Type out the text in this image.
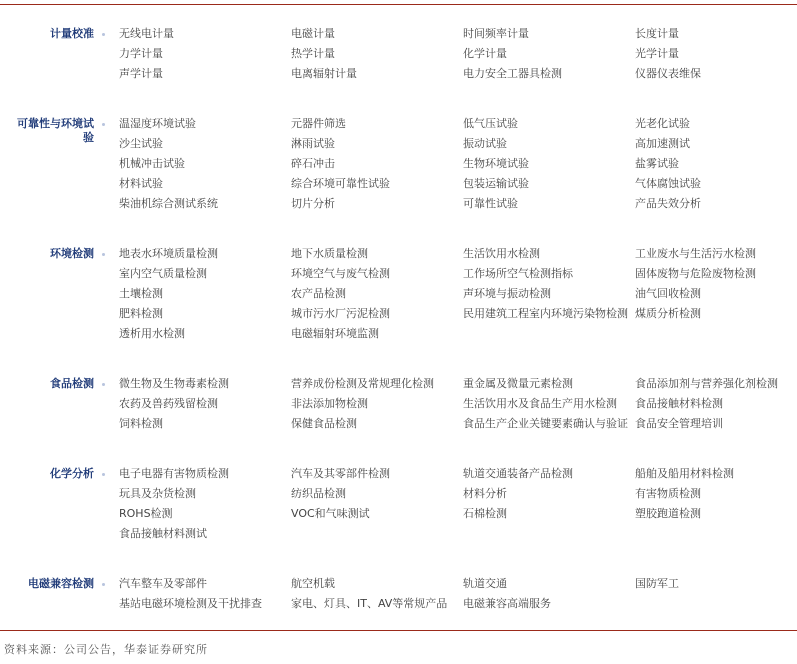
计量校准 无线电计量	电磁计量	时间频率计量	长度计量
力学计量	热学计量	化学计量	光学计量
声学计量	电离辐射计量	电力安全工器具检测	仪器仪表维保
可靠性与环境试验
温湿度环境试验	元器件筛选	低气压试验	光老化试验
沙尘试验	淋雨试验	振动试验	高加速测试
机械冲击试验	碎石冲击	生物环境试验	盐雾试验
材料试验	综合环境可靠性试验	包装运输试验	气体腐蚀试验
柴油机综合测试系统	切片分析	可靠性试验	产品失效分析
环境检测 地表水环境质量检测	地下水质量检测	生活饮用水检测	工业废水与生活污水检测
室内空气质量检测	环境空气与废气检测	工作场所空气检测指标	固体废物与危险废物检测
土壤检测	农产品检测	声环境与振动检测	油气回收检测
肥料检测	城市污水厂污泥检测	民用建筑工程室内环境污染物检测 煤质分析检测
透析用水检测	电磁辐射环境监测
食品检测 微生物及生物毒素检测	营养成份检测及常规理化检测	重金属及微量元素检测	食品添加剂与营养强化剂检测
农药及兽药残留检测	非法添加物检测	生活饮用水及食品生产用水检测 食品接触材料检测
饲料检测	保健食品检测	食品生产企业关键要素确认与验证 食品安全管理培训
化学分析 电子电器有害物质检测	汽车及其零部件检测	轨道交通装备产品检测	船舶及船用材料检测
玩具及杂货检测	纺织品检测	材料分析	有害物质检测
ROHS检测	VOC和气味测试	石棉检测	塑胶跑道检测
食品接触材料测试
电磁兼容检测 汽车整车及零部件	航空机载	轨道交通	国防军工
基站电磁环境检测及干扰排查	家电、灯具、IT、AV等常规产品 电磁兼容高端服务
资料来源：公司公告，华泰证券研究所
